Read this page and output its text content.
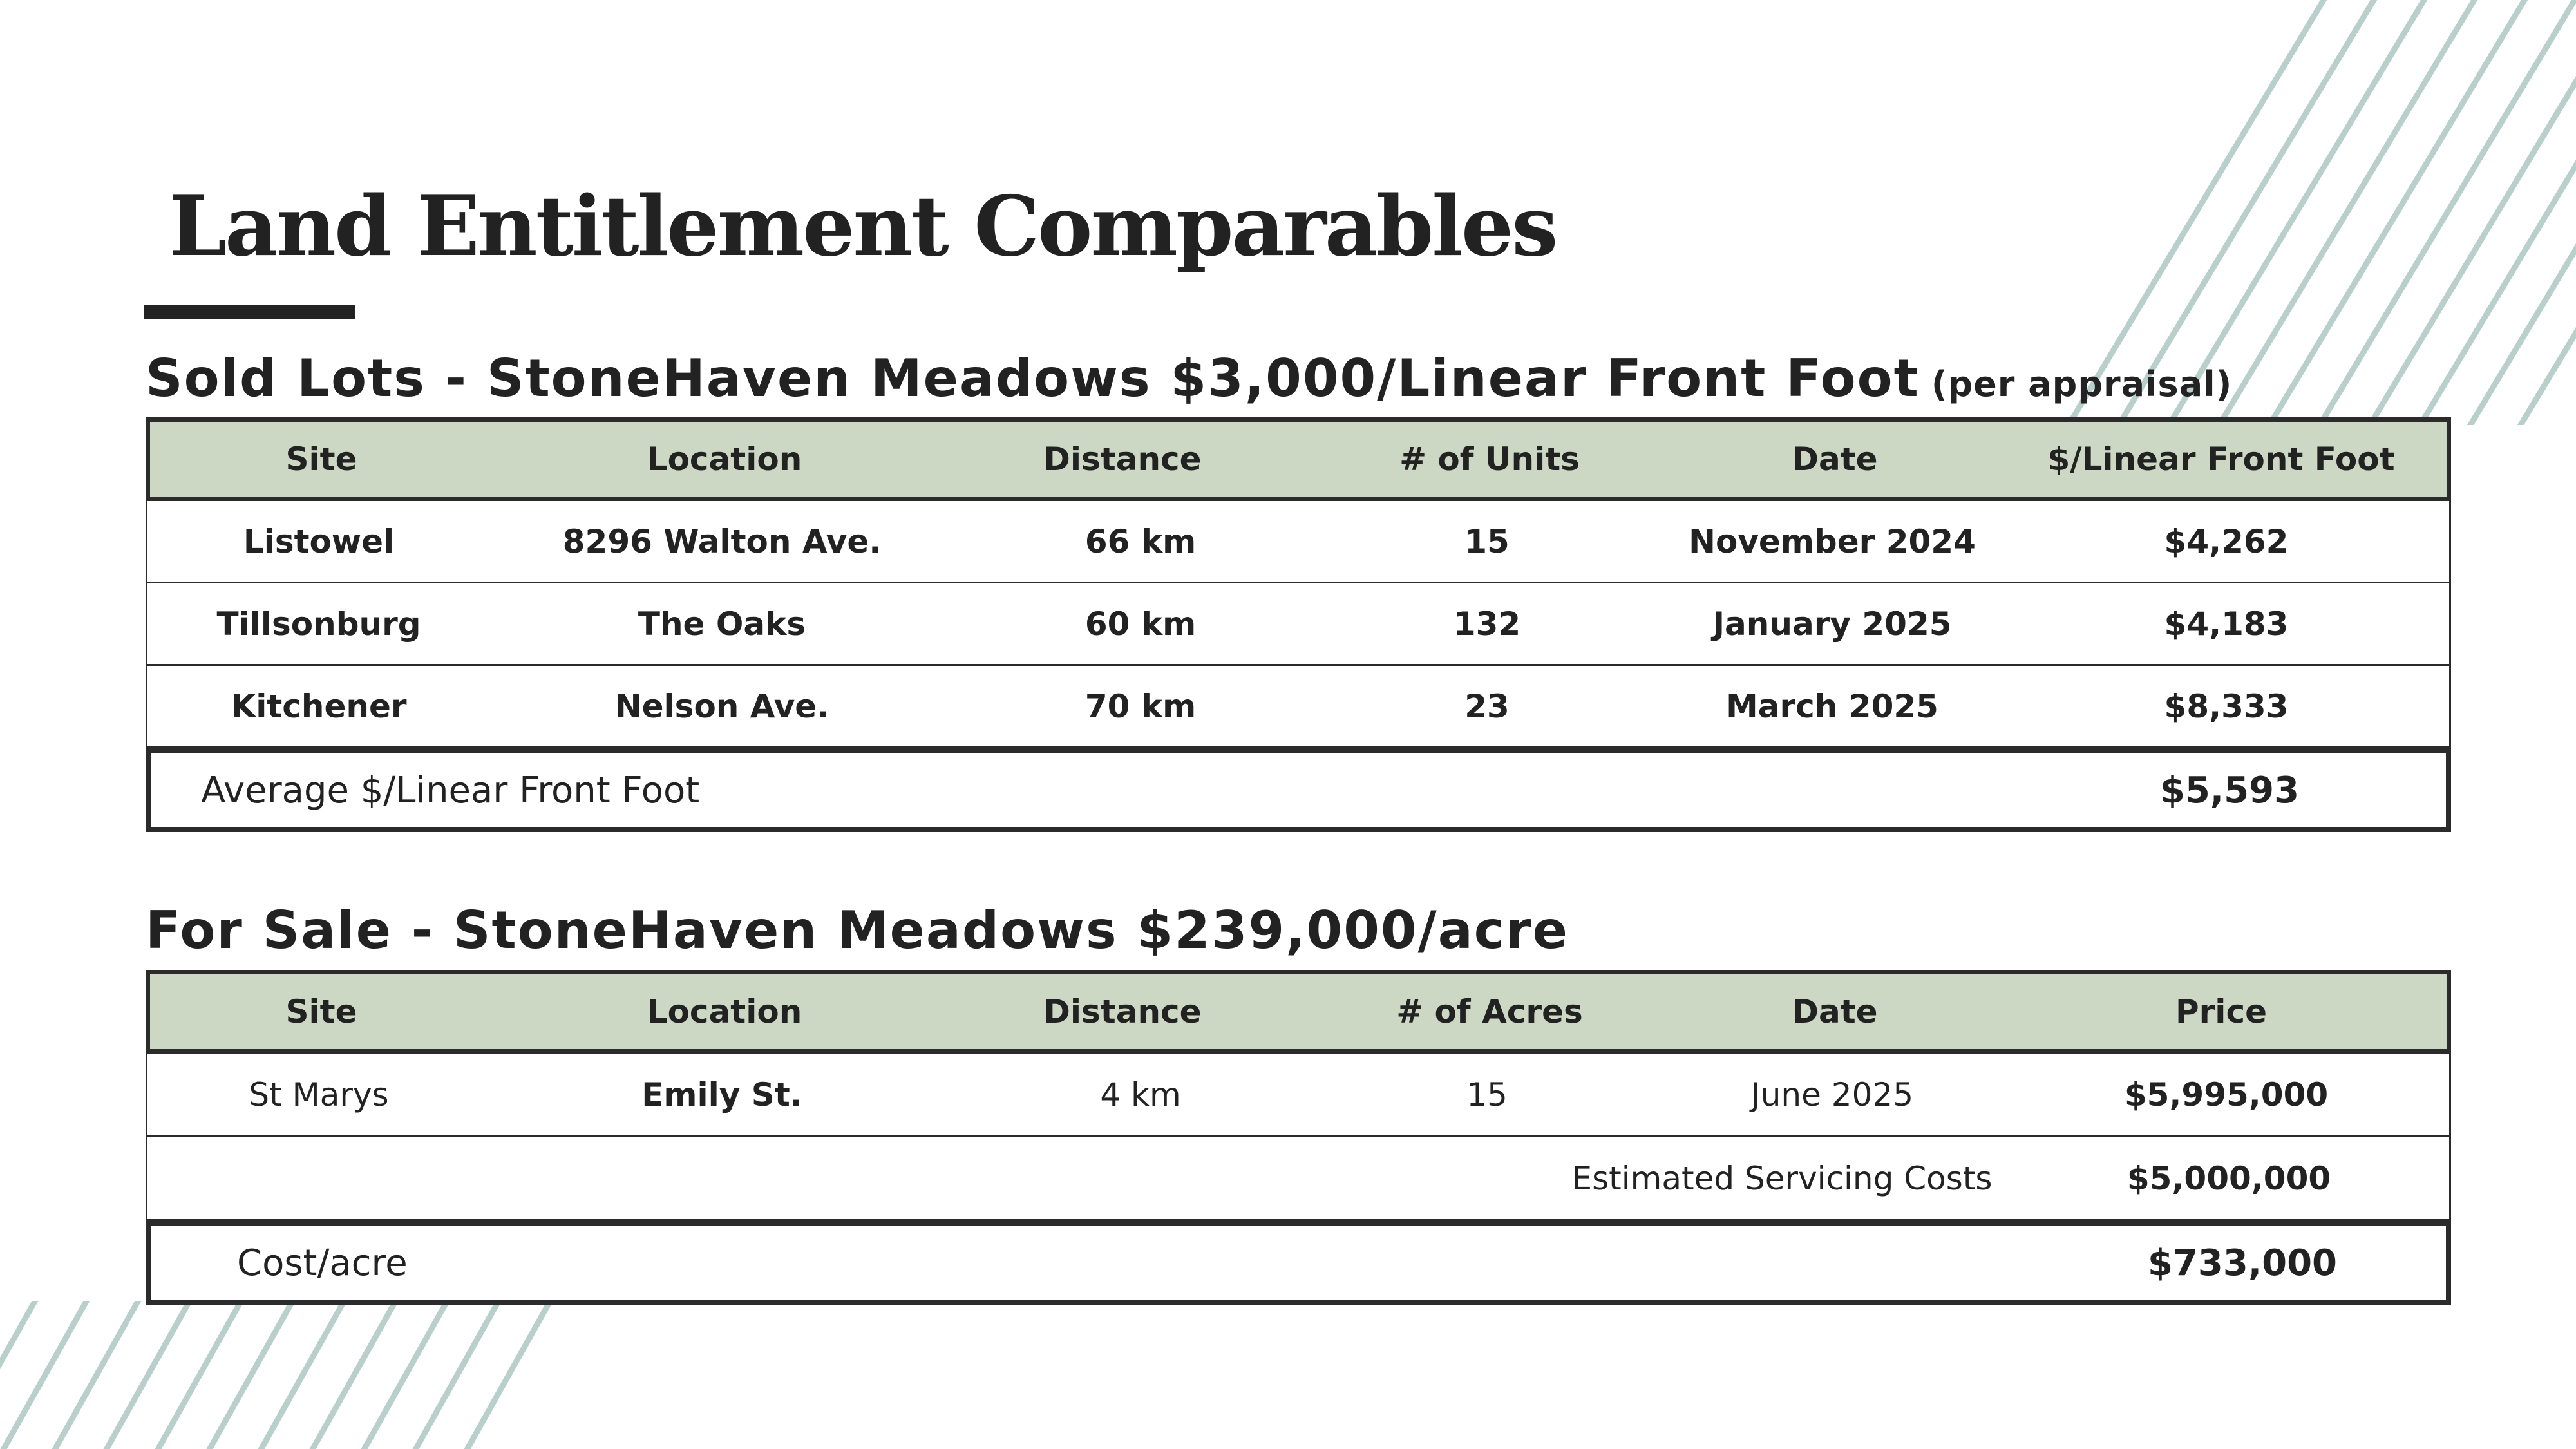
Land Entitlement Comparables
Sold Lots - StoneHaven Meadows $3,000/Linear Front Foot (per appraisal)
Site	Location	Distance	# of Units	Date	$/Linear Front Foot
Listowel	8296 Walton Ave.	66 km	15	November 2024	$4,262
Tillsonburg	The Oaks	60 km	132	January 2025	$4,183
Kitchener	Nelson Ave.	70 km	23	March 2025	$8,333
Average $/Linear Front Foot	$5,593
For Sale - StoneHaven Meadows $239,000/acre
Site	Location	Distance	# of Acres	Date	Price
St Marys	Emily St.	4 km	15	June 2025	$5,995,000
Estimated Servicing Costs	$5,000,000
Cost/acre	$733,000
